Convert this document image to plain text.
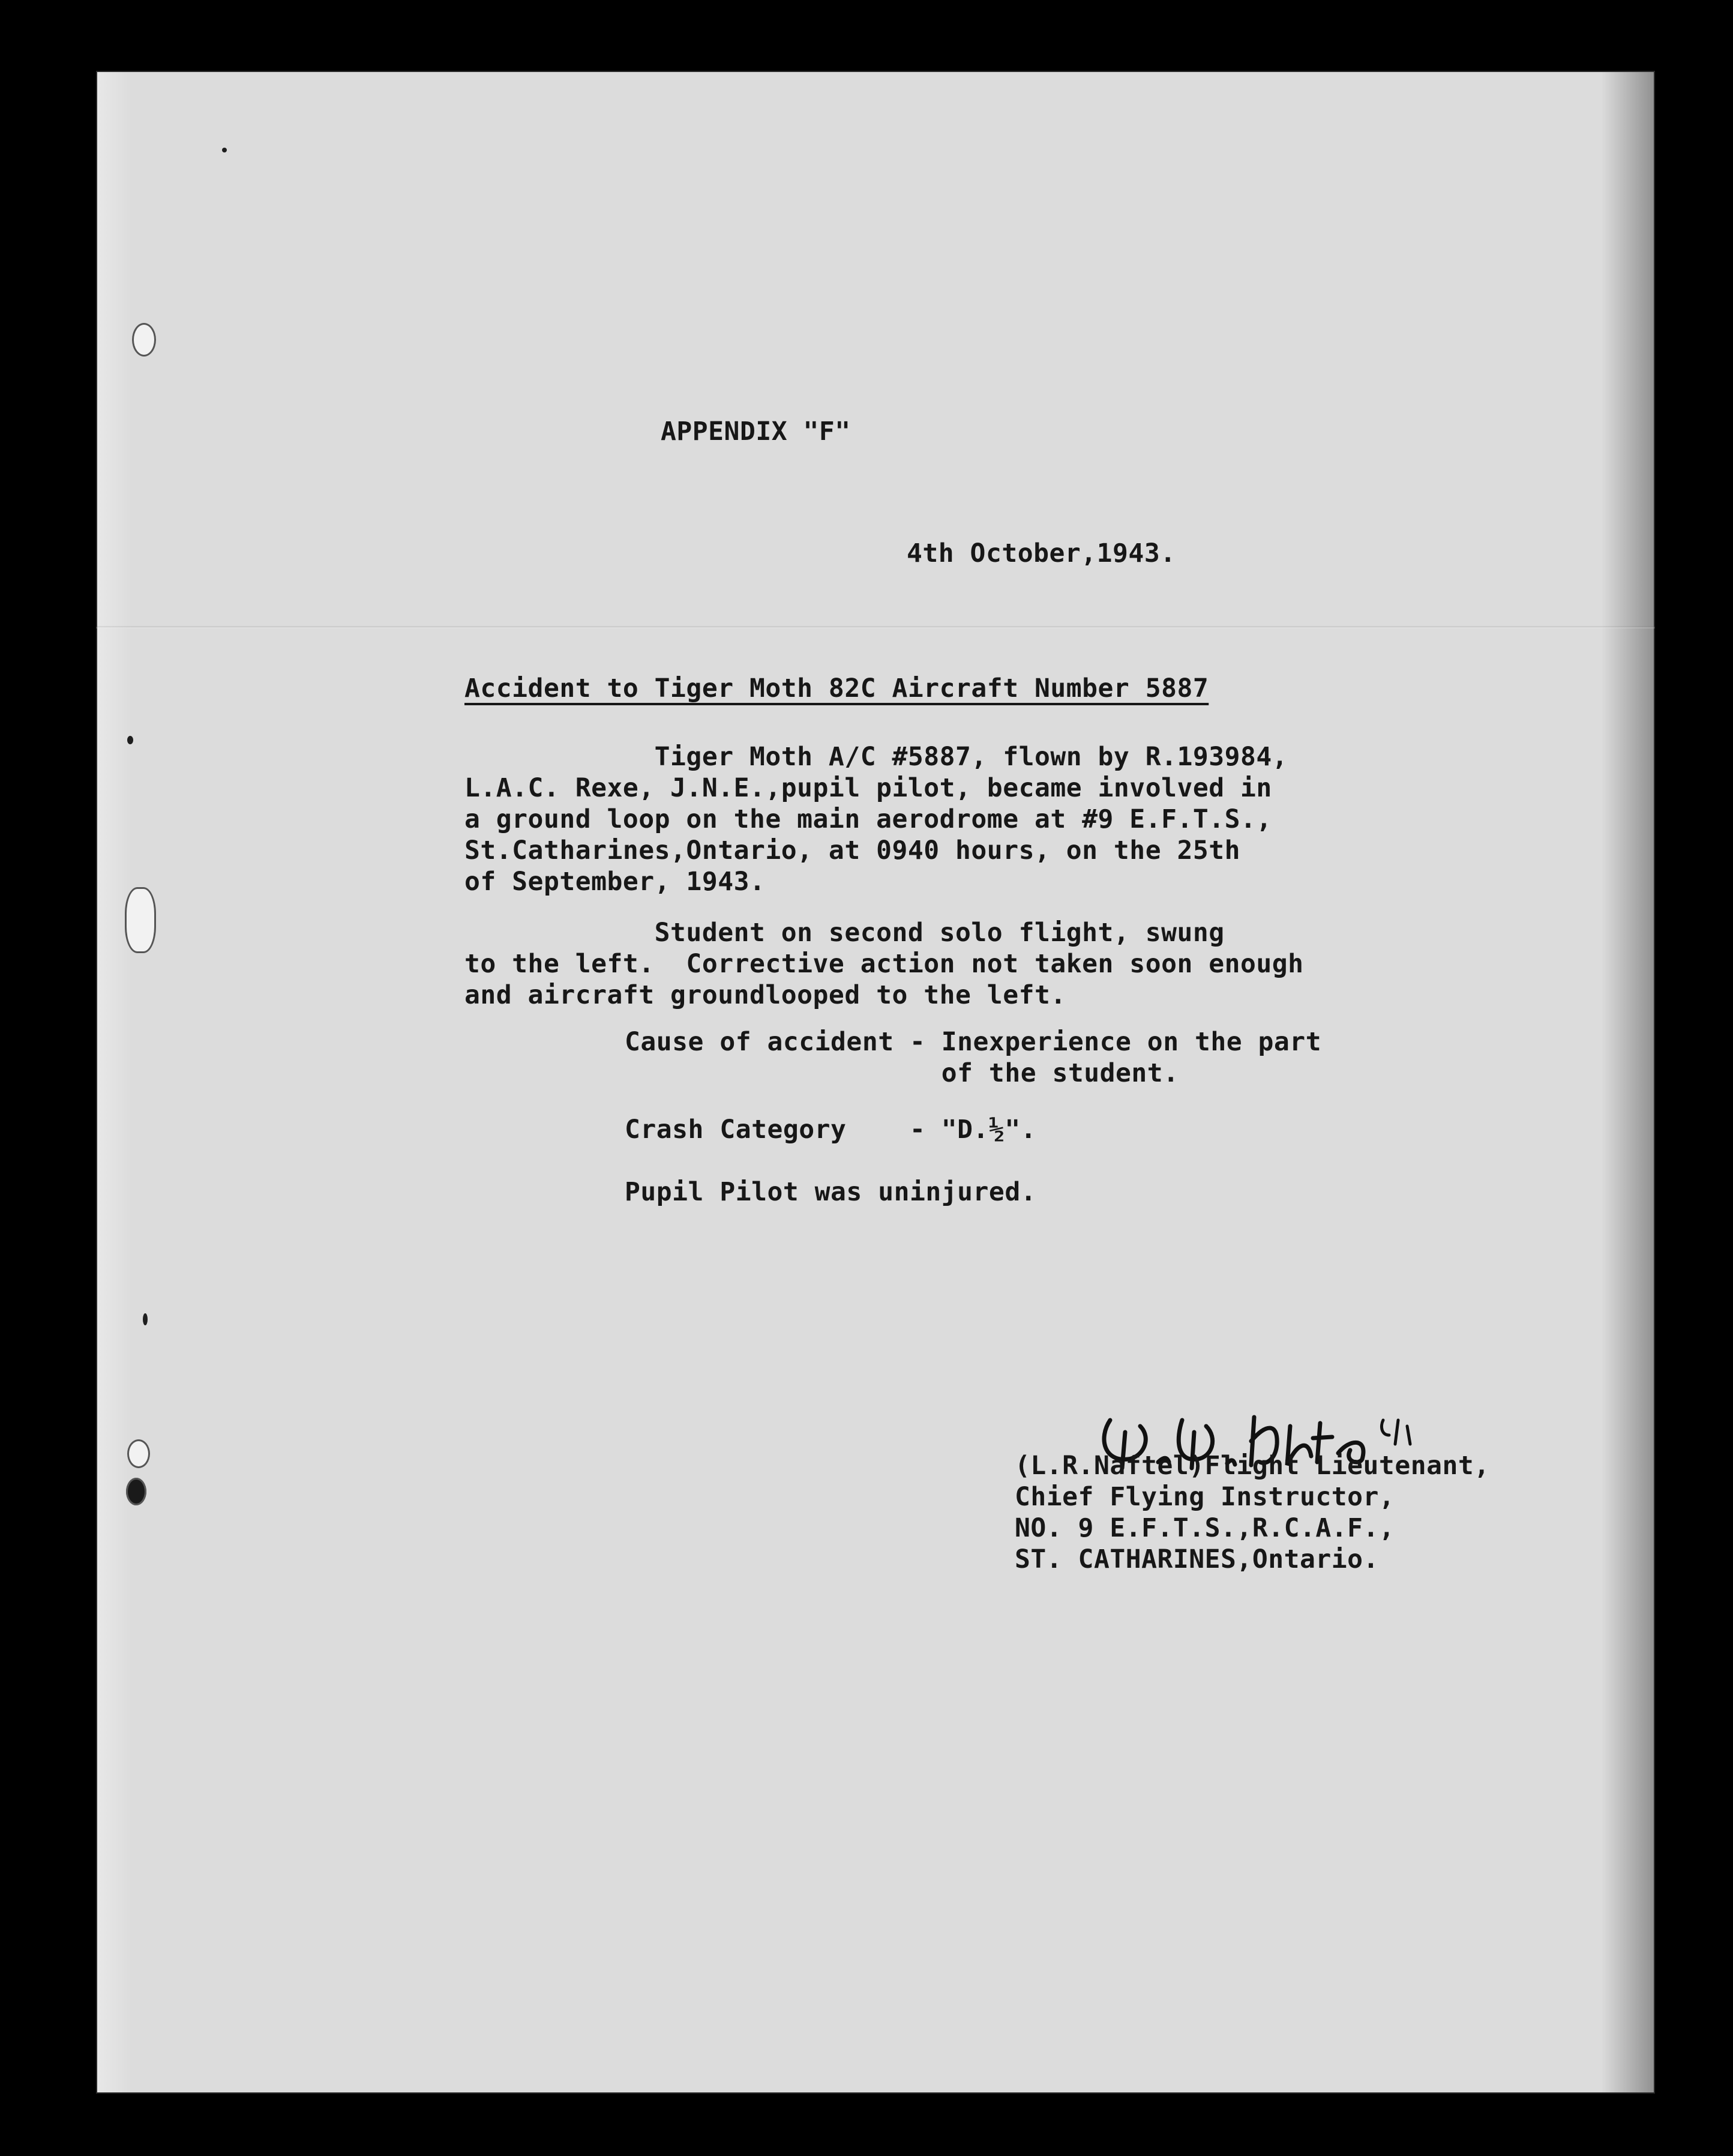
APPENDIX "F"
4th October,1943.
Accident to Tiger Moth 82C Aircraft Number 5887
Tiger Moth A/C #5887, flown by R.193984,
L.A.C. Rexe, J.N.E.,pupil pilot, became involved in
a ground loop on the main aerodrome at #9 E.F.T.S.,
St.Catharines,Ontario, at 0940 hours, on the 25th
of September, 1943.
Student on second solo flight, swung
to the left.  Corrective action not taken soon enough
and aircraft groundlooped to the left.
Cause of accident - Inexperience on the part
of the student.
Crash Category    - "D.½".
Pupil Pilot was uninjured.
(L.R.Naftel)Flight Lieutenant,
Chief Flying Instructor,
NO. 9 E.F.T.S.,R.C.A.F.,
ST. CATHARINES,Ontario.
